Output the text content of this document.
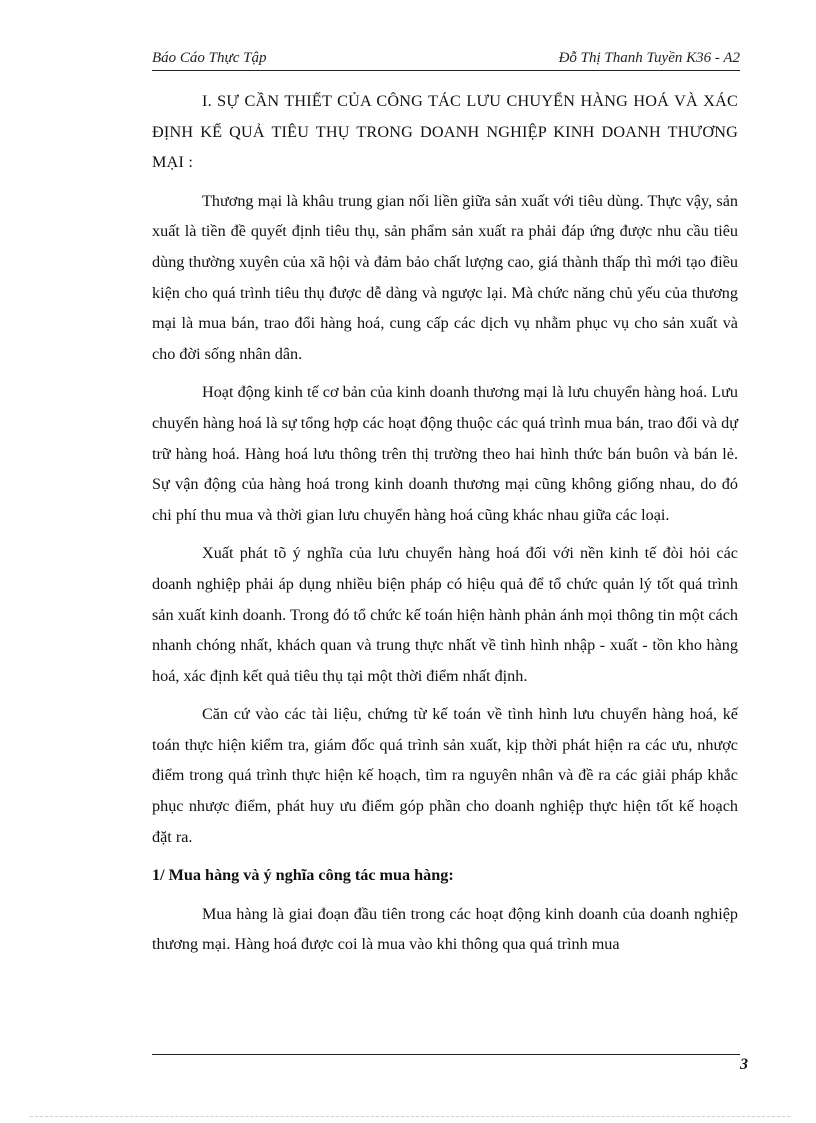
Báo Cáo Thực Tập	Đỗ Thị Thanh Tuyền K36 - A2

I. SỰ CẦN THIẾT CỦA CÔNG TÁC LƯU CHUYỂN HÀNG HOÁ VÀ XÁC ĐỊNH KẾ QUẢ TIÊU THỤ TRONG DOANH NGHIỆP KINH DOANH THƯƠNG MẠI :

Thương mại là khâu trung gian nối liền giữa sản xuất với tiêu dùng. Thực vậy, sản xuất là tiền đề quyết định tiêu thụ, sản phẩm sản xuất ra phải đáp ứng được nhu cầu tiêu dùng thường xuyên của xã hội và đảm bảo chất lượng cao, giá thành thấp thì mới tạo điều kiện cho quá trình tiêu thụ được dễ dàng và ngược lại. Mà chức năng chủ yếu của thương mại là mua bán, trao đổi hàng hoá, cung cấp các dịch vụ nhằm phục vụ cho sản xuất và cho đời sống nhân dân.

Hoạt động kinh tế cơ bản của kinh doanh thương mại là lưu chuyển hàng hoá. Lưu chuyển hàng hoá là sự tổng hợp các hoạt động thuộc các quá trình mua bán, trao đổi và dự trữ hàng hoá. Hàng hoá lưu thông trên thị trường theo hai hình thức bán buôn và bán lẻ. Sự vận động của hàng hoá trong kinh doanh thương mại cũng không giống nhau, do đó chi phí thu mua và thời gian lưu chuyển hàng hoá cũng khác nhau giữa các loại.

Xuất phát tõ ý nghĩa của lưu chuyển hàng hoá đối với nền kinh tế đòi hỏi các doanh nghiệp phải áp dụng nhiều biện pháp có hiệu quả để tổ chức quản lý tốt quá trình sản xuất kinh doanh. Trong đó tổ chức kế toán hiện hành phản ánh mọi thông tin một cách nhanh chóng nhất, khách quan và trung thực nhất về tình hình nhập - xuất - tồn kho hàng hoá, xác định kết quả tiêu thụ tại một thời điểm nhất định.

Căn cứ vào các tài liệu, chứng từ kế toán về tình hình lưu chuyển hàng hoá, kế toán thực hiện kiểm tra, giám đốc quá trình sản xuất, kịp thời phát hiện ra các ưu, nhược điểm trong quá trình thực hiện kế hoạch, tìm ra nguyên nhân và đề ra các giải pháp khắc phục nhược điểm, phát huy ưu điểm góp phần cho doanh nghiệp thực hiện tốt kế hoạch đặt ra.

1/ Mua hàng và ý nghĩa công tác mua hàng:

Mua hàng là giai đoạn đầu tiên trong các hoạt động kinh doanh của doanh nghiệp thương mại. Hàng hoá được coi là mua vào khi thông qua quá trình mua

3
